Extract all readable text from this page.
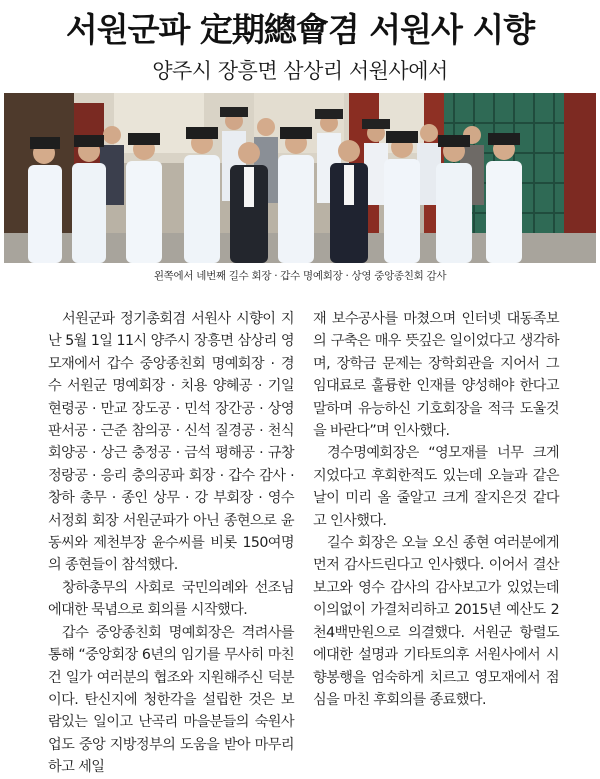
서원군파 定期總會겸 서원사 시향
양주시 장흥면 삼상리 서원사에서
왼쪽에서 네번째 길수 회장 · 갑수 명예회장 · 상영 중앙종친회 감사

서원군파 정기총회겸 서원사 시향이 지난 5월 1일 11시 양주시 장흥면 삼상리 영모재에서 갑수 중앙종친회 명예회장 · 경수 서원군 명예회장 · 치용 양혜공 · 기일 현령공 · 만교 장도공 · 민석 장간공 · 상영 판서공 · 근준 참의공 · 신석 질경공 · 천식 회양공 · 상근 충정공 · 금석 평해공 · 규창 정랑공 · 응리 충의공파 회장 · 갑수 감사 · 창하 총무 · 종인 상무 · 강 부회장 · 영수 서정회 회장 서원군파가 아닌 종현으로 윤동씨와 제천부장 윤수씨를 비롯 150여명의 종현들이 참석했다.

창하총무의 사회로 국민의례와 선조님에대한 묵념으로 회의를 시작했다.

갑수 중앙종친회 명예회장은 격려사를 통해 “중앙회장 6년의 임기를 무사히 마친건 일가 여러분의 협조와 지원해주신 덕분이다. 탄신지에 청한각을 설립한 것은 보람있는 일이고 난곡리 마을분들의 숙원사업도 중앙 지방정부의 도움을 받아 마무리하고 세일

재 보수공사를 마쳤으며 인터넷 대동족보의 구축은 매우 뜻깊은 일이었다고 생각하며, 장학금 문제는 장학회관을 지어서 그 임대료로 훌륭한 인재를 양성해야 한다고 말하며 유능하신 기호회장을 적극 도울것을 바란다”며 인사했다.

경수명예회장은 “영모재를 너무 크게 지었다고 후회한적도 있는데 오늘과 같은 날이 미리 올 줄알고 크게 잘지은것 같다고 인사했다.

길수 회장은 오늘 오신 종현 여러분에게 먼저 감사드린다고 인사했다. 이어서 결산보고와 영수 감사의 감사보고가 있었는데 이의없이 가결처리하고 2015년 예산도 2천4백만원으로 의결했다. 서원군 항렬도에대한 설명과 기타토의후 서원사에서 시향봉행을 엄숙하게 치르고 영모재에서 점심을 마친 후회의를 종료했다.
